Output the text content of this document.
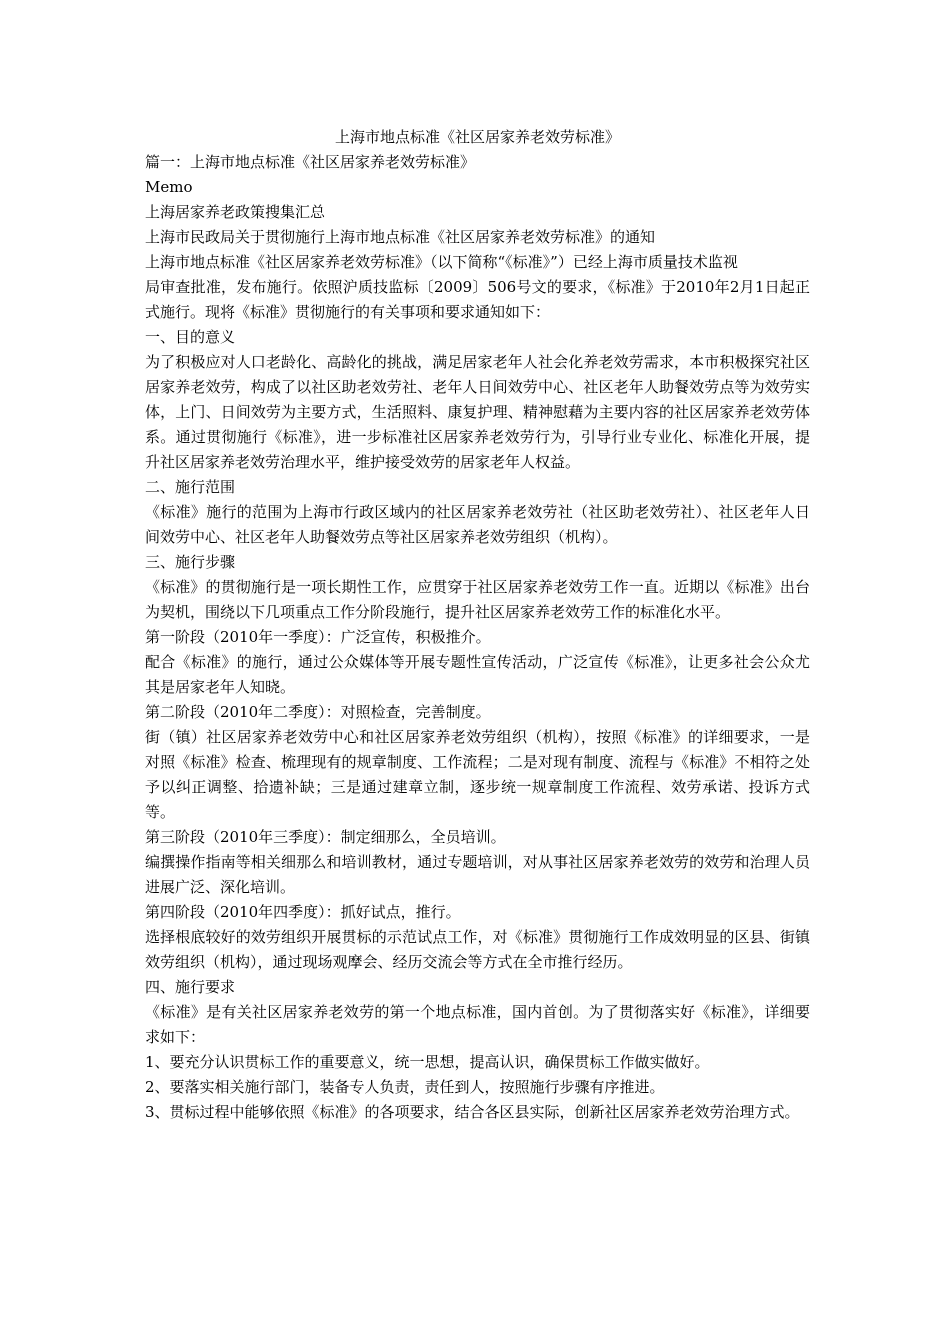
上海市地点标准《社区居家养老效劳标准》

篇一：上海市地点标准《社区居家养老效劳标准》

Memo

上海居家养老政策搜集汇总

上海市民政局关于贯彻施行上海市地点标准《社区居家养老效劳标准》的通知

上海市地点标准《社区居家养老效劳标准》（以下简称“《标准》”）已经上海市质量技术监视

局审查批准，发布施行。依照沪质技监标〔2009〕506号文的要求，《标准》于2010年2月1日起正式施行。现将《标准》贯彻施行的有关事项和要求通知如下：

一、目的意义

为了积极应对人口老龄化、高龄化的挑战，满足居家老年人社会化养老效劳需求，本市积极探究社区居家养老效劳，构成了以社区助老效劳社、老年人日间效劳中心、社区老年人助餐效劳点等为效劳实体，上门、日间效劳为主要方式，生活照料、康复护理、精神慰藉为主要内容的社区居家养老效劳体系。通过贯彻施行《标准》，进一步标准社区居家养老效劳行为，引导行业专业化、标准化开展，提升社区居家养老效劳治理水平，维护接受效劳的居家老年人权益。

二、施行范围

《标准》施行的范围为上海市行政区域内的社区居家养老效劳社（社区助老效劳社）、社区老年人日间效劳中心、社区老年人助餐效劳点等社区居家养老效劳组织（机构）。

三、施行步骤

《标准》的贯彻施行是一项长期性工作，应贯穿于社区居家养老效劳工作一直。近期以《标准》出台为契机，围绕以下几项重点工作分阶段施行，提升社区居家养老效劳工作的标准化水平。

第一阶段（2010年一季度）：广泛宣传，积极推介。

配合《标准》的施行，通过公众媒体等开展专题性宣传活动，广泛宣传《标准》，让更多社会公众尤其是居家老年人知晓。

第二阶段（2010年二季度）：对照检查，完善制度。

街（镇）社区居家养老效劳中心和社区居家养老效劳组织（机构），按照《标准》的详细要求，一是对照《标准》检查、梳理现有的规章制度、工作流程；二是对现有制度、流程与《标准》不相符之处予以纠正调整、拾遗补缺；三是通过建章立制，逐步统一规章制度工作流程、效劳承诺、投诉方式等。

第三阶段（2010年三季度）：制定细那么，全员培训。

编撰操作指南等相关细那么和培训教材，通过专题培训，对从事社区居家养老效劳的效劳和治理人员进展广泛、深化培训。

第四阶段（2010年四季度）：抓好试点，推行。

选择根底较好的效劳组织开展贯标的示范试点工作，对《标准》贯彻施行工作成效明显的区县、街镇效劳组织（机构），通过现场观摩会、经历交流会等方式在全市推行经历。

四、施行要求

《标准》是有关社区居家养老效劳的第一个地点标准，国内首创。为了贯彻落实好《标准》，详细要求如下：

1、要充分认识贯标工作的重要意义，统一思想，提高认识，确保贯标工作做实做好。

2、要落实相关施行部门，装备专人负责，责任到人，按照施行步骤有序推进。

3、贯标过程中能够依照《标准》的各项要求，结合各区县实际，创新社区居家养老效劳治理方式。
